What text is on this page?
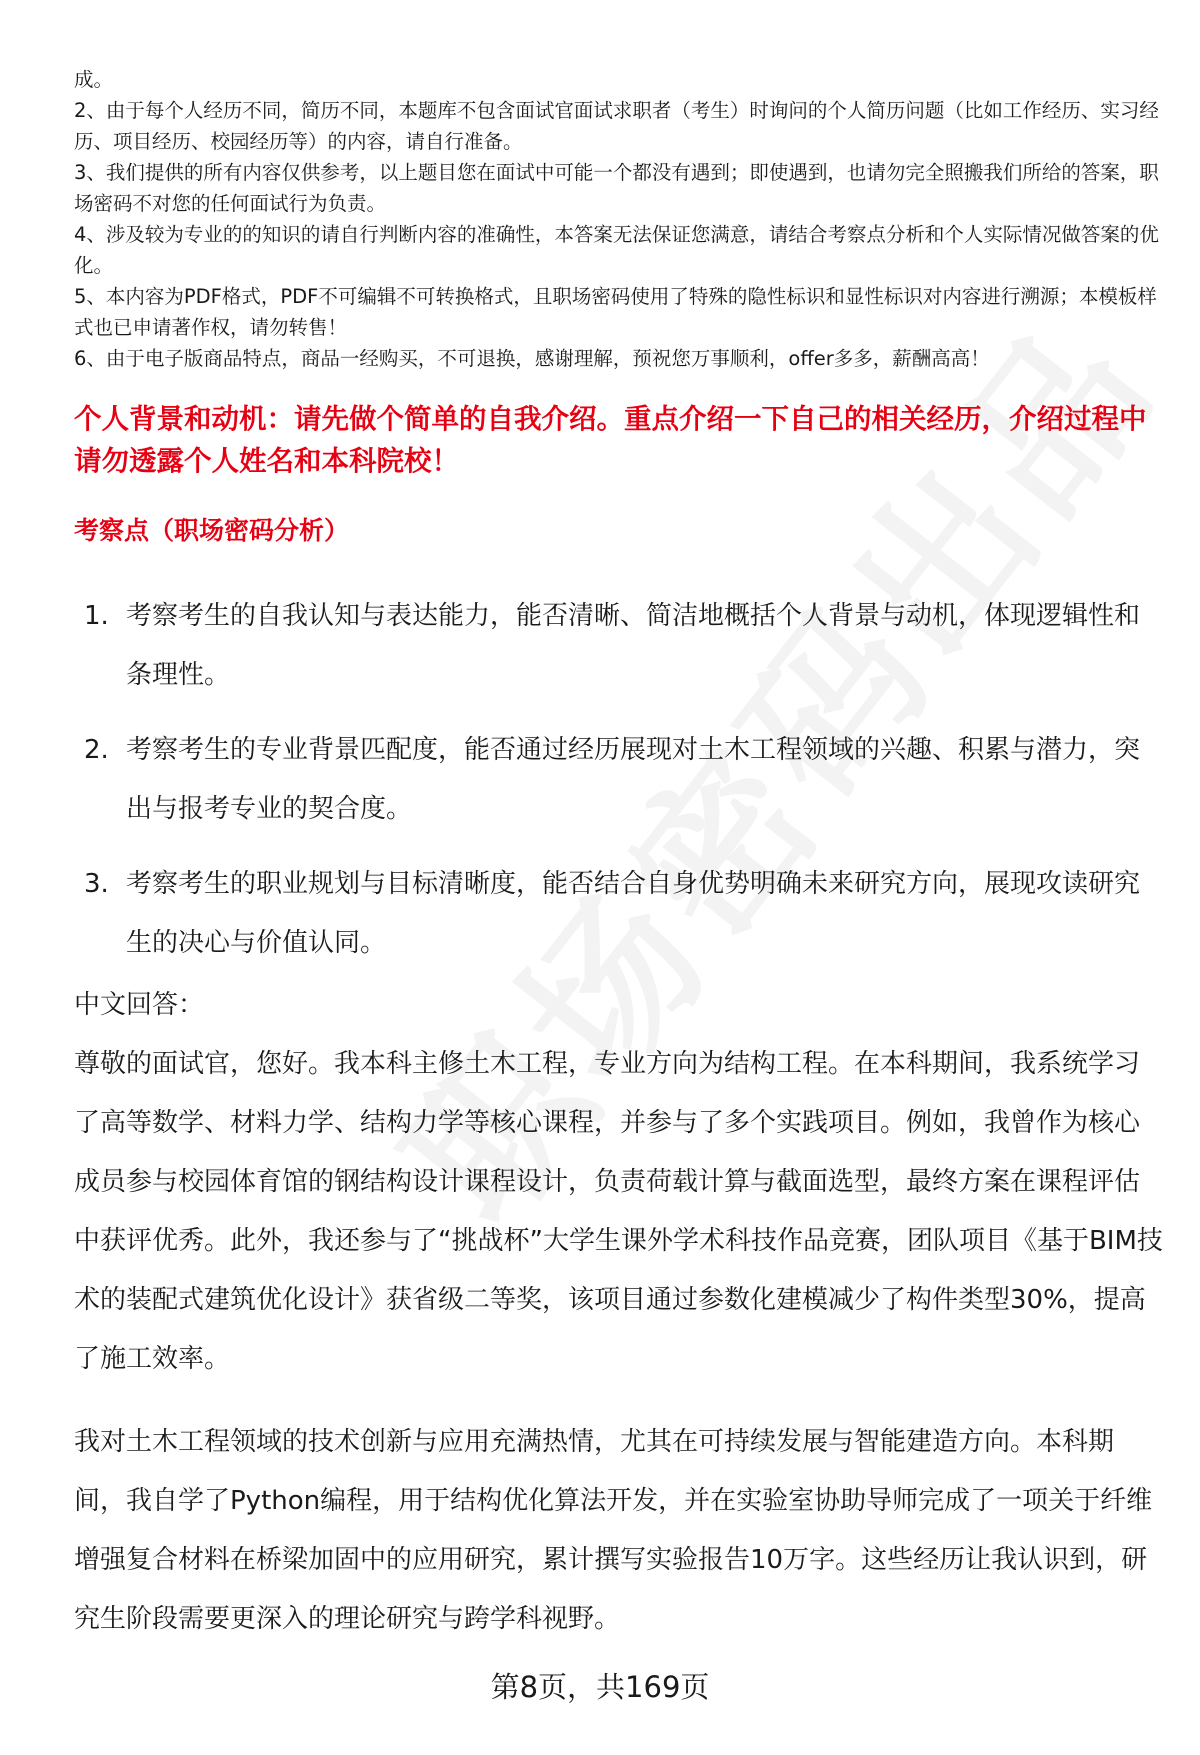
成。

2、由于每个人经历不同，简历不同，本题库不包含面试官面试求职者（考生）时询问的个人简历问题（比如工作经历、实习经历、项目经历、校园经历等）的内容，请自行准备。

3、我们提供的所有内容仅供参考，以上题目您在面试中可能一个都没有遇到；即使遇到，也请勿完全照搬我们所给的答案，职场密码不对您的任何面试行为负责。

4、涉及较为专业的的知识的请自行判断内容的准确性，本答案无法保证您满意，请结合考察点分析和个人实际情况做答案的优化。

5、本内容为PDF格式，PDF不可编辑不可转换格式，且职场密码使用了特殊的隐性标识和显性标识对内容进行溯源；本模板样式也已申请著作权，请勿转售！

6、由于电子版商品特点，商品一经购买，不可退换，感谢理解，预祝您万事顺利，offer多多，薪酬高高！

个人背景和动机：请先做个简单的自我介绍。重点介绍一下自己的相关经历，介绍过程中请勿透露个人姓名和本科院校！
考察点（职场密码分析）
1. 考察考生的自我认知与表达能力，能否清晰、简洁地概括个人背景与动机，体现逻辑性和条理性。
2. 考察考生的专业背景匹配度，能否通过经历展现对土木工程领域的兴趣、积累与潜力，突出与报考专业的契合度。
3. 考察考生的职业规划与目标清晰度，能否结合自身优势明确未来研究方向，展现攻读研究生的决心与价值认同。

中文回答：

尊敬的面试官，您好。我本科主修土木工程，专业方向为结构工程。在本科期间，我系统学习了高等数学、材料力学、结构力学等核心课程，并参与了多个实践项目。例如，我曾作为核心成员参与校园体育馆的钢结构设计课程设计，负责荷载计算与截面选型，最终方案在课程评估中获评优秀。此外，我还参与了“挑战杯”大学生课外学术科技作品竞赛，团队项目《基于BIM技术的装配式建筑优化设计》获省级二等奖，该项目通过参数化建模减少了构件类型30%，提高了施工效率。

我对土木工程领域的技术创新与应用充满热情，尤其在可持续发展与智能建造方向。本科期间，我自学了Python编程，用于结构优化算法开发，并在实验室协助导师完成了一项关于纤维增强复合材料在桥梁加固中的应用研究，累计撰写实验报告10万字。这些经历让我认识到，研究生阶段需要更深入的理论研究与跨学科视野。

第8页，共169页
